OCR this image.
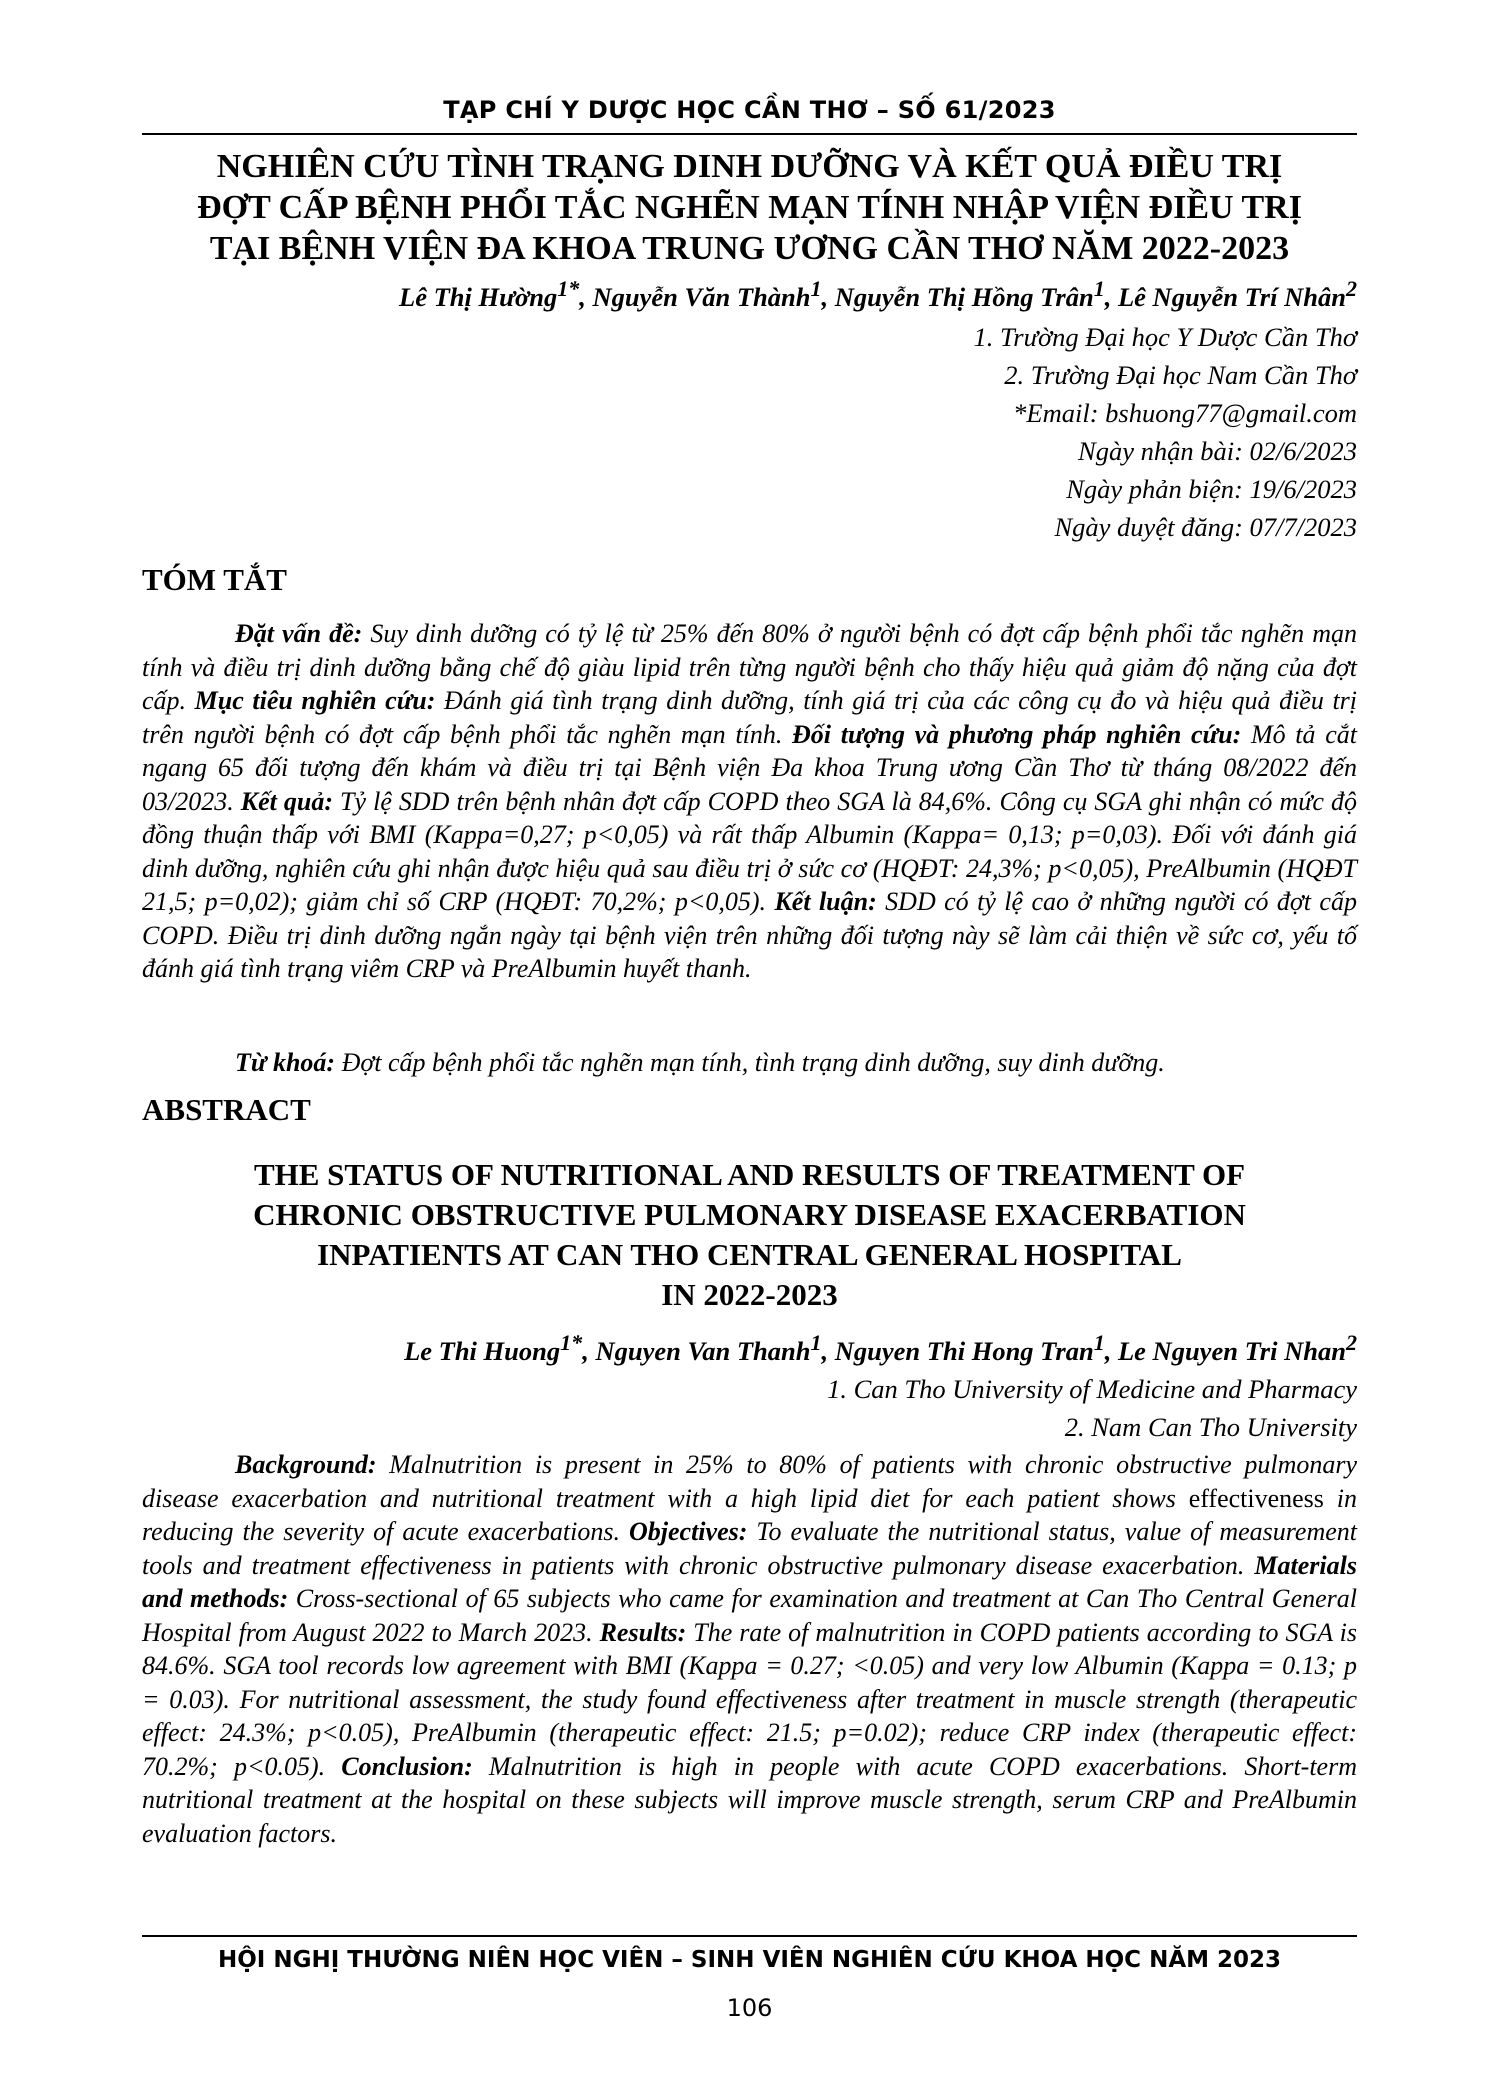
TẠP CHÍ Y DƯỢC HỌC CẦN THƠ – SỐ 61/2023
NGHIÊN CỨU TÌNH TRẠNG DINH DƯỠNG VÀ KẾT QUẢ ĐIỀU TRỊ
ĐỢT CẤP BỆNH PHỔI TẮC NGHẼN MẠN TÍNH NHẬP VIỆN ĐIỀU TRỊ
TẠI BỆNH VIỆN ĐA KHOA TRUNG ƯƠNG CẦN THƠ NĂM 2022-2023
Lê Thị Hường$^{1*}$, Nguyễn Văn Thành$^1$, Nguyễn Thị Hồng Trân$^1$, Lê Nguyễn Trí Nhân$^2$
1. Trường Đại học Y Dược Cần Thơ
2. Trường Đại học Nam Cần Thơ
*Email: bshuong77@gmail.com
Ngày nhận bài: 02/6/2023
Ngày phản biện: 19/6/2023
Ngày duyệt đăng: 07/7/2023
TÓM TẮT
Đặt vấn đề: Suy dinh dưỡng có tỷ lệ từ 25% đến 80% ở người bệnh có đợt cấp bệnh phổi tắc nghẽn mạn tính và điều trị dinh dưỡng bằng chế độ giàu lipid trên từng người bệnh cho thấy hiệu quả giảm độ nặng của đợt cấp. Mục tiêu nghiên cứu: Đánh giá tình trạng dinh dưỡng, tính giá trị của các công cụ đo và hiệu quả điều trị trên người bệnh có đợt cấp bệnh phổi tắc nghẽn mạn tính. Đối tượng và phương pháp nghiên cứu: Mô tả cắt ngang 65 đối tượng đến khám và điều trị tại Bệnh viện Đa khoa Trung ương Cần Thơ từ tháng 08/2022 đến 03/2023. Kết quả: Tỷ lệ SDD trên bệnh nhân đợt cấp COPD theo SGA là 84,6%. Công cụ SGA ghi nhận có mức độ đồng thuận thấp với BMI (Kappa=0,27; p<0,05) và rất thấp Albumin (Kappa= 0,13; p=0,03). Đối với đánh giá dinh dưỡng, nghiên cứu ghi nhận được hiệu quả sau điều trị ở sức cơ (HQĐT: 24,3%; p<0,05), PreAlbumin (HQĐT 21,5; p=0,02); giảm chỉ số CRP (HQĐT: 70,2%; p<0,05). Kết luận: SDD có tỷ lệ cao ở những người có đợt cấp COPD. Điều trị dinh dưỡng ngắn ngày tại bệnh viện trên những đối tượng này sẽ làm cải thiện về sức cơ, yếu tố đánh giá tình trạng viêm CRP và PreAlbumin huyết thanh.
Từ khoá: Đợt cấp bệnh phổi tắc nghẽn mạn tính, tình trạng dinh dưỡng, suy dinh dưỡng.
ABSTRACT
THE STATUS OF NUTRITIONAL AND RESULTS OF TREATMENT OF
CHRONIC OBSTRUCTIVE PULMONARY DISEASE EXACERBATION
INPATIENTS AT CAN THO CENTRAL GENERAL HOSPITAL
IN 2022-2023
Le Thi Huong$^{1*}$, Nguyen Van Thanh$^1$, Nguyen Thi Hong Tran$^1$, Le Nguyen Tri Nhan$^2$
1. Can Tho University of Medicine and Pharmacy
2. Nam Can Tho University
Background: Malnutrition is present in 25% to 80% of patients with chronic obstructive pulmonary disease exacerbation and nutritional treatment with a high lipid diet for each patient shows effectiveness in reducing the severity of acute exacerbations. Objectives: To evaluate the nutritional status, value of measurement tools and treatment effectiveness in patients with chronic obstructive pulmonary disease exacerbation. Materials and methods: Cross-sectional of 65 subjects who came for examination and treatment at Can Tho Central General Hospital from August 2022 to March 2023. Results: The rate of malnutrition in COPD patients according to SGA is 84.6%. SGA tool records low agreement with BMI (Kappa = 0.27; <0.05) and very low Albumin (Kappa = 0.13; p = 0.03). For nutritional assessment, the study found effectiveness after treatment in muscle strength (therapeutic effect: 24.3%; p<0.05), PreAlbumin (therapeutic effect: 21.5; p=0.02); reduce CRP index (therapeutic effect: 70.2%; p<0.05). Conclusion: Malnutrition is high in people with acute COPD exacerbations. Short-term nutritional treatment at the hospital on these subjects will improve muscle strength, serum CRP and PreAlbumin evaluation factors.
HỘI NGHỊ THƯỜNG NIÊN HỌC VIÊN – SINH VIÊN NGHIÊN CỨU KHOA HỌC NĂM 2023
106
